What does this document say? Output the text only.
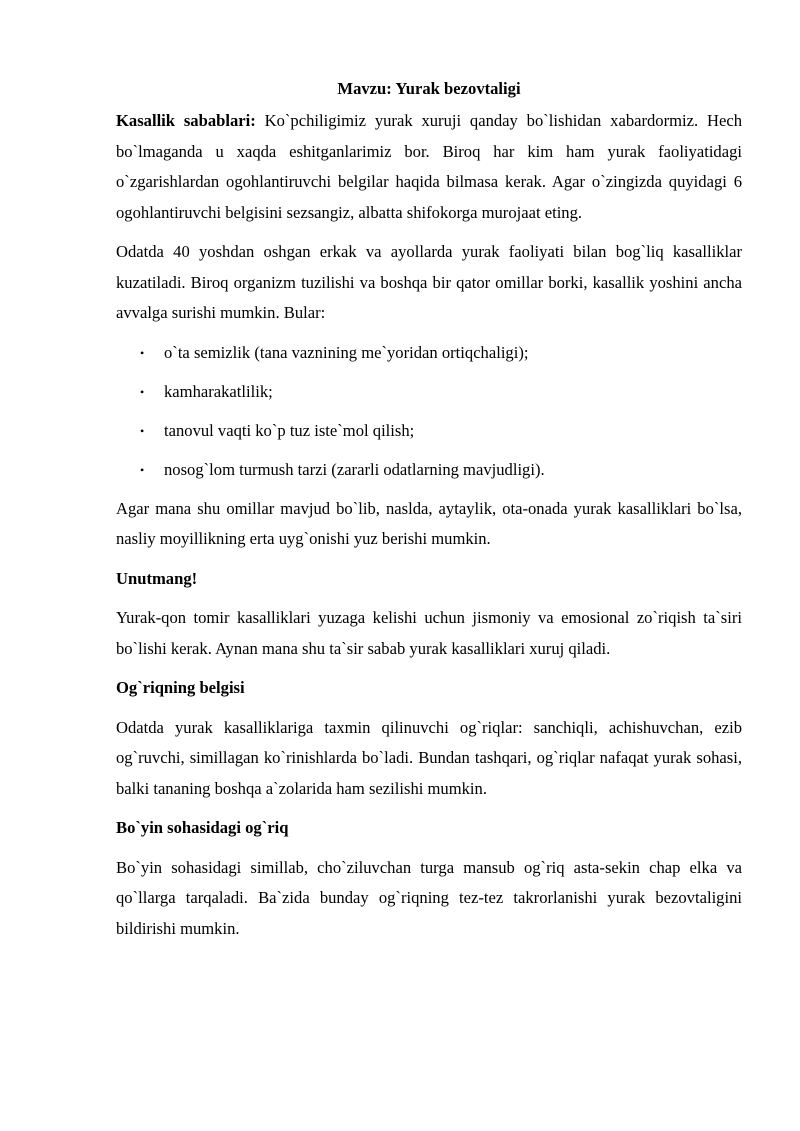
Mavzu: Yurak bezovtaligi

Kasallik sabablari: Ko`pchiligimiz yurak xuruji qanday bo`lishidan xabardormiz. Hech bo`lmaganda u xaqda eshitganlarimiz bor. Biroq har kim ham yurak faoliyatidagi o`zgarishlardan ogohlantiruvchi belgilar haqida bilmasa kerak. Agar o`zingizda quyidagi 6 ogohlantiruvchi belgisini sezsangiz, albatta shifokorga murojaat eting.

Odatda 40 yoshdan oshgan erkak va ayollarda yurak faoliyati bilan bog`liq kasalliklar kuzatiladi. Biroq organizm tuzilishi va boshqa bir qator omillar borki, kasallik yoshini ancha avvalga surishi mumkin. Bular:

• o`ta semizlik (tana vaznining me`yoridan ortiqchaligi);
• kamharakatlilik;
• tanovul vaqti ko`p tuz iste`mol qilish;
• nosog`lom turmush tarzi (zararli odatlarning mavjudligi).

Agar mana shu omillar mavjud bo`lib, naslda, aytaylik, ota-onada yurak kasalliklari bo`lsa, nasliy moyillikning erta uyg`onishi yuz berishi mumkin.

Unutmang!

Yurak-qon tomir kasalliklari yuzaga kelishi uchun jismoniy va emosional zo`riqish ta`siri bo`lishi kerak. Aynan mana shu ta`sir sabab yurak kasalliklari xuruj qiladi.

Og`riqning belgisi

Odatda yurak kasalliklariga taxmin qilinuvchi og`riqlar: sanchiqli, achishuvchan, ezib og`ruvchi, simillagan ko`rinishlarda bo`ladi. Bundan tashqari, og`riqlar nafaqat yurak sohasi, balki tananing boshqa a`zolarida ham sezilishi mumkin.

Bo`yin sohasidagi og`riq

Bo`yin sohasidagi simillab, cho`ziluvchan turga mansub og`riq asta-sekin chap elka va qo`llarga tarqaladi. Ba`zida bunday og`riqning tez-tez takrorlanishi yurak bezovtaligini bildirishi mumkin.
